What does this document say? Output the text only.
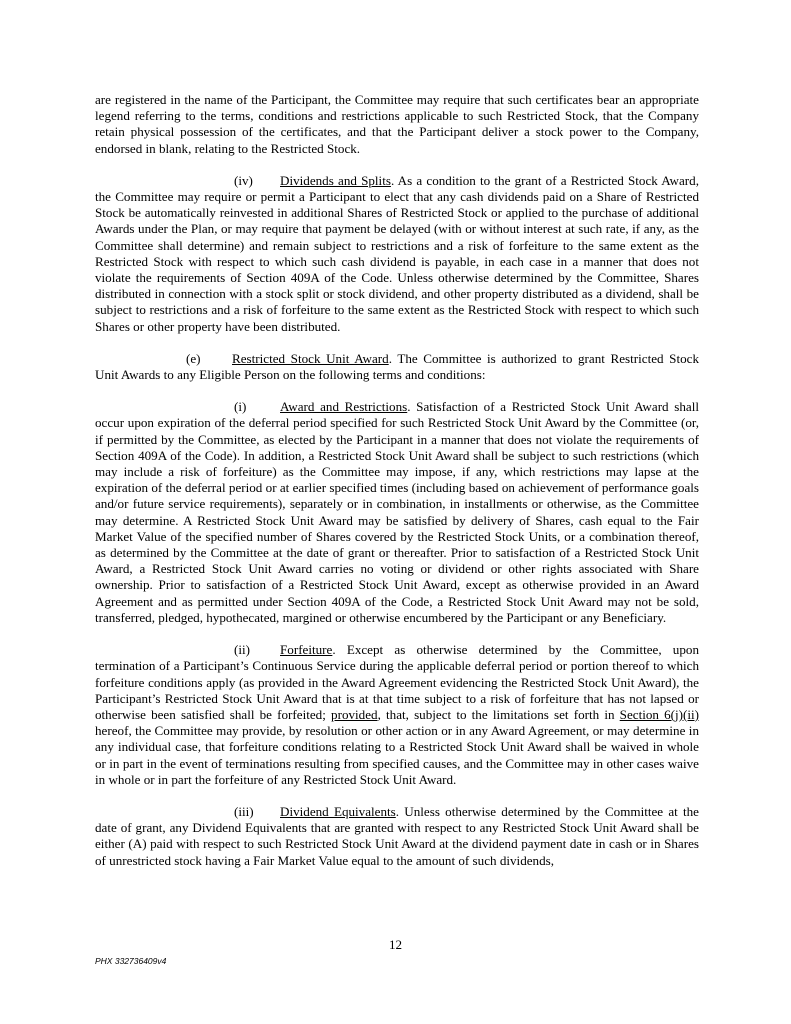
are registered in the name of the Participant, the Committee may require that such certificates bear an appropriate legend referring to the terms, conditions and restrictions applicable to such Restricted Stock, that the Company retain physical possession of the certificates, and that the Participant deliver a stock power to the Company, endorsed in blank, relating to the Restricted Stock.

(iv) Dividends and Splits. As a condition to the grant of a Restricted Stock Award, the Committee may require or permit a Participant to elect that any cash dividends paid on a Share of Restricted Stock be automatically reinvested in additional Shares of Restricted Stock or applied to the purchase of additional Awards under the Plan, or may require that payment be delayed (with or without interest at such rate, if any, as the Committee shall determine) and remain subject to restrictions and a risk of forfeiture to the same extent as the Restricted Stock with respect to which such cash dividend is payable, in each case in a manner that does not violate the requirements of Section 409A of the Code. Unless otherwise determined by the Committee, Shares distributed in connection with a stock split or stock dividend, and other property distributed as a dividend, shall be subject to restrictions and a risk of forfeiture to the same extent as the Restricted Stock with respect to which such Shares or other property have been distributed.

(e) Restricted Stock Unit Award. The Committee is authorized to grant Restricted Stock Unit Awards to any Eligible Person on the following terms and conditions:

(i)	Award and Restrictions. Satisfaction of a Restricted Stock Unit Award shall occur upon expiration of the deferral period specified for such Restricted Stock Unit Award by the Committee (or, if permitted by the Committee, as elected by the Participant in a manner that does not violate the requirements of Section 409A of the Code). In addition, a Restricted Stock Unit Award shall be subject to such restrictions (which may include a risk of forfeiture) as the Committee may impose, if any, which restrictions may lapse at the expiration of the deferral period or at earlier specified times (including based on achievement of performance goals and/or future service requirements), separately or in combination, in installments or otherwise, as the Committee may determine. A Restricted Stock Unit Award may be satisfied by delivery of Shares, cash equal to the Fair Market Value of the specified number of Shares covered by the Restricted Stock Units, or a combination thereof, as determined by the Committee at the date of grant or thereafter. Prior to satisfaction of a Restricted Stock Unit Award, a Restricted Stock Unit Award carries no voting or dividend or other rights associated with Share ownership. Prior to satisfaction of a Restricted Stock Unit Award, except as otherwise provided in an Award Agreement and as permitted under Section 409A of the Code, a Restricted Stock Unit Award may not be sold, transferred, pledged, hypothecated, margined or otherwise encumbered by the Participant or any Beneficiary.

(ii) Forfeiture. Except as otherwise determined by the Committee, upon termination of a Participant’s Continuous Service during the applicable deferral period or portion thereof to which forfeiture conditions apply (as provided in the Award Agreement evidencing the Restricted Stock Unit Award), the Participant’s Restricted Stock Unit Award that is at that time subject to a risk of forfeiture that has not lapsed or otherwise been satisfied shall be forfeited; provided, that, subject to the limitations set forth in Section 6(j)(ii) hereof, the Committee may provide, by resolution or other action or in any Award Agreement, or may determine in any individual case, that forfeiture conditions relating to a Restricted Stock Unit Award shall be waived in whole or in part in the event of terminations resulting from specified causes, and the Committee may in other cases waive in whole or in part the forfeiture of any Restricted Stock Unit Award.

(iii) Dividend Equivalents. Unless otherwise determined by the Committee at the date of grant, any Dividend Equivalents that are granted with respect to any Restricted Stock Unit Award shall be either (A) paid with respect to such Restricted Stock Unit Award at the dividend payment date in cash or in Shares of unrestricted stock having a Fair Market Value equal to the amount of such dividends,

12
PHX 332736409v4
